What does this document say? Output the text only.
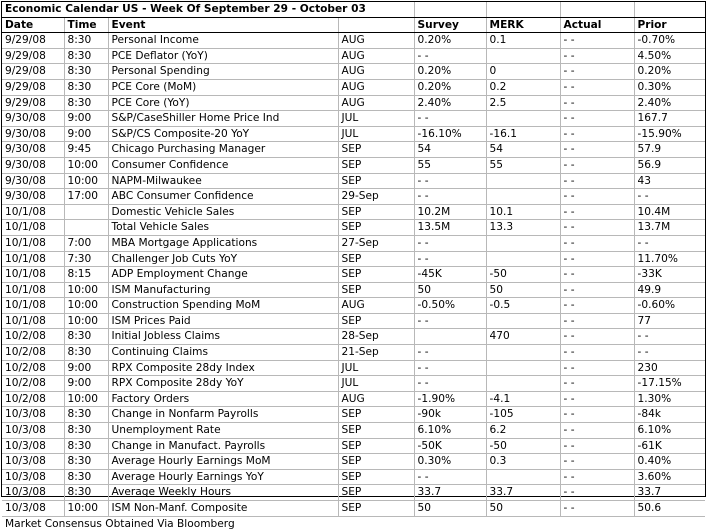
Economic Calendar US - Week Of September 29 - October 03							
Date	Time	Event		Survey	MERK	Actual	Prior
9/29/08	8:30	Personal Income	AUG	0.20%	0.1	- -	-0.70%
9/29/08	8:30	PCE Deflator (YoY)	AUG	- -		- -	4.50%
9/29/08	8:30	Personal Spending	AUG	0.20%	0	- -	0.20%
9/29/08	8:30	PCE Core (MoM)	AUG	0.20%	0.2	- -	0.30%
9/29/08	8:30	PCE Core (YoY)	AUG	2.40%	2.5	- -	2.40%
9/30/08	9:00	S&P/CaseShiller Home Price Ind	JUL	- -		- -	167.7
9/30/08	9:00	S&P/CS Composite-20 YoY	JUL	-16.10%	-16.1	- -	-15.90%
9/30/08	9:45	Chicago Purchasing Manager	SEP	54	54	- -	57.9
9/30/08	10:00	Consumer Confidence	SEP	55	55	- -	56.9
9/30/08	10:00	NAPM-Milwaukee	SEP	- -		- -	43
9/30/08	17:00	ABC Consumer Confidence	29-Sep	- -		- -	- -
10/1/08		Domestic Vehicle Sales	SEP	10.2M	10.1	- -	10.4M
10/1/08		Total Vehicle Sales	SEP	13.5M	13.3	- -	13.7M
10/1/08	7:00	MBA Mortgage Applications	27-Sep	- -		- -	- -
10/1/08	7:30	Challenger Job Cuts YoY	SEP	- -		- -	11.70%
10/1/08	8:15	ADP Employment Change	SEP	-45K	-50	- -	-33K
10/1/08	10:00	ISM Manufacturing	SEP	50	50	- -	49.9
10/1/08	10:00	Construction Spending MoM	AUG	-0.50%	-0.5	- -	-0.60%
10/1/08	10:00	ISM Prices Paid	SEP	- -		- -	77
10/2/08	8:30	Initial Jobless Claims	28-Sep		470	- -	- -
10/2/08	8:30	Continuing Claims	21-Sep	- -		- -	- -
10/2/08	9:00	RPX Composite 28dy Index	JUL	- -		- -	230
10/2/08	9:00	RPX Composite 28dy YoY	JUL	- -		- -	-17.15%
10/2/08	10:00	Factory Orders	AUG	-1.90%	-4.1	- -	1.30%
10/3/08	8:30	Change in Nonfarm Payrolls	SEP	-90k	-105	- -	-84k
10/3/08	8:30	Unemployment Rate	SEP	6.10%	6.2	- -	6.10%
10/3/08	8:30	Change in Manufact. Payrolls	SEP	-50K	-50	- -	-61K
10/3/08	8:30	Average Hourly Earnings MoM	SEP	0.30%	0.3	- -	0.40%
10/3/08	8:30	Average Hourly Earnings YoY	SEP	- -		- -	3.60%
10/3/08	8:30	Average Weekly Hours	SEP	33.7	33.7	- -	33.7
10/3/08	10:00	ISM Non-Manf. Composite	SEP	50	50	- -	50.6
Market Consensus Obtained Via Bloomberg							
